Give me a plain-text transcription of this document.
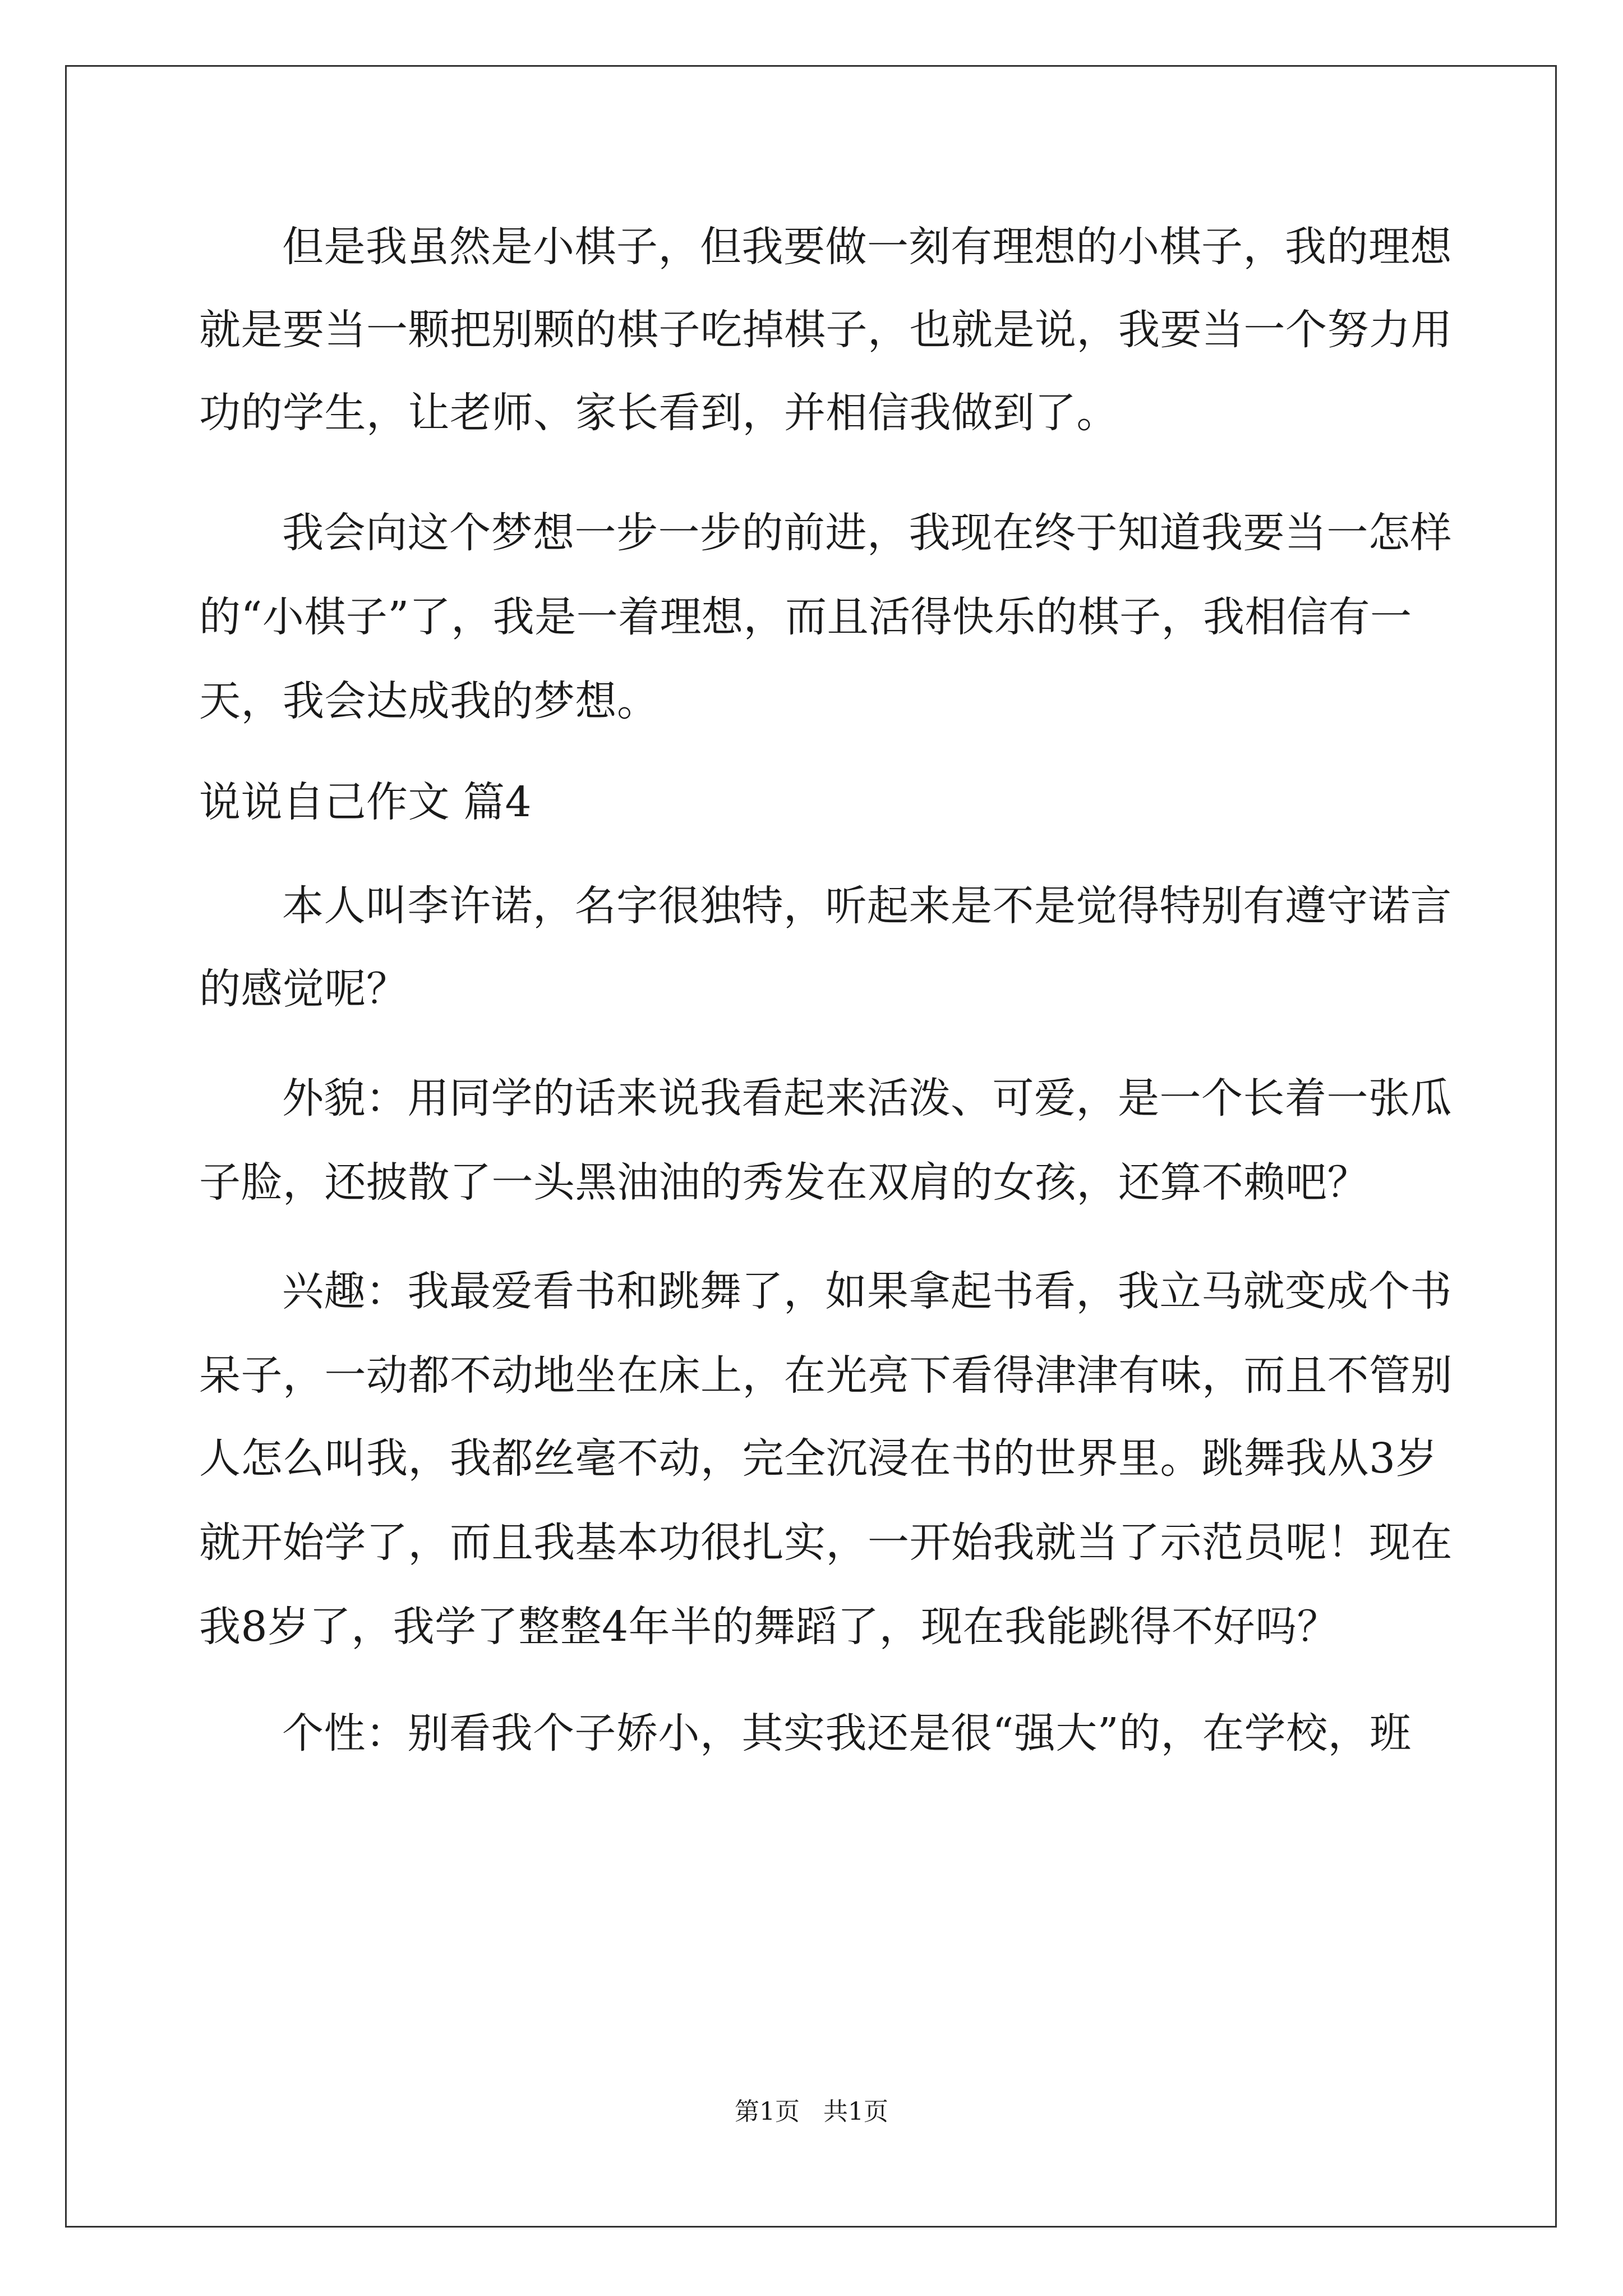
但是我虽然是小棋子，但我要做一刻有理想的小棋子，我的理想
就是要当一颗把别颗的棋子吃掉棋子，也就是说，我要当一个努力用
功的学生，让老师、家长看到，并相信我做到了。
我会向这个梦想一步一步的前进，我现在终于知道我要当一怎样
的“小棋子”了，我是一着理想，而且活得快乐的棋子，我相信有一
天，我会达成我的梦想。
说说自己作文 篇4
本人叫李许诺，名字很独特，听起来是不是觉得特别有遵守诺言
的感觉呢？
外貌：用同学的话来说我看起来活泼、可爱，是一个长着一张瓜
子脸，还披散了一头黑油油的秀发在双肩的女孩，还算不赖吧？
兴趣：我最爱看书和跳舞了，如果拿起书看，我立马就变成个书
呆子，一动都不动地坐在床上，在光亮下看得津津有味，而且不管别
人怎么叫我，我都丝毫不动，完全沉浸在书的世界里。跳舞我从3岁
就开始学了，而且我基本功很扎实，一开始我就当了示范员呢！现在
我8岁了，我学了整整4年半的舞蹈了，现在我能跳得不好吗？
个性：别看我个子娇小，其实我还是很“强大”的，在学校，班
第1页   共1页
